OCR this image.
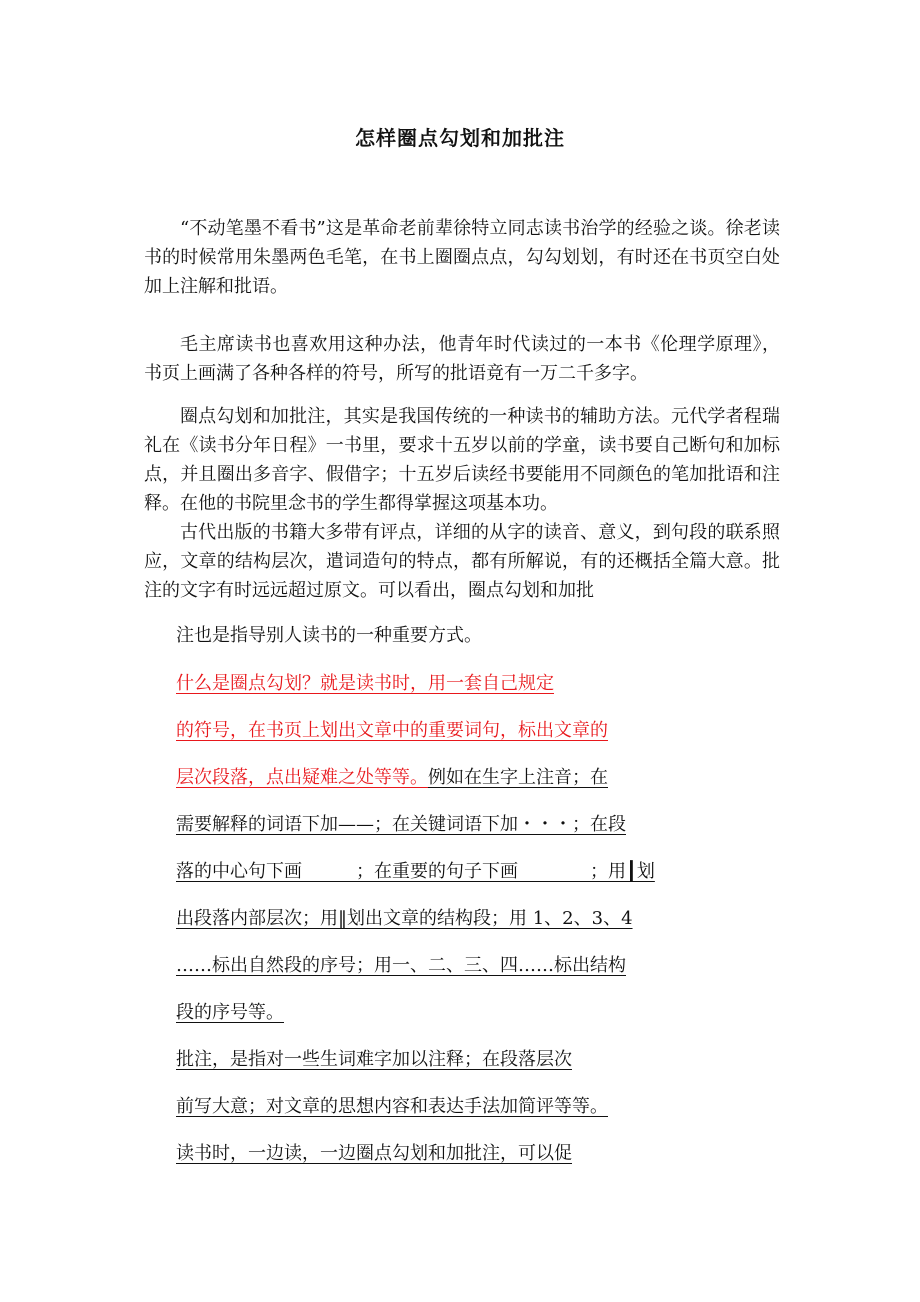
怎样圈点勾划和加批注

“不动笔墨不看书”这是革命老前辈徐特立同志读书治学的经验之谈。徐老读书的时候常用朱墨两色毛笔，在书上圈圈点点，勾勾划划，有时还在书页空白处加上注解和批语。

毛主席读书也喜欢用这种办法，他青年时代读过的一本书《伦理学原理》，书页上画满了各种各样的符号，所写的批语竟有一万二千多字。

圈点勾划和加批注，其实是我国传统的一种读书的辅助方法。元代学者程瑞礼在《读书分年日程》一书里，要求十五岁以前的学童，读书要自己断句和加标点，并且圈出多音字、假借字；十五岁后读经书要能用不同颜色的笔加批语和注释。在他的书院里念书的学生都得掌握这项基本功。

古代出版的书籍大多带有评点，详细的从字的读音、意义，到句段的联系照应，文章的结构层次，遣词造句的特点，都有所解说，有的还概括全篇大意。批注的文字有时远远超过原文。可以看出，圈点勾划和加批

注也是指导别人读书的一种重要方式。
什么是圈点勾划？就是读书时，用一套自己规定
的符号，在书页上划出文章中的重要词句，标出文章的
层次段落，点出疑难之处等等。例如在生字上注音；在
需要解释的词语下加——；在关键词语下加・・・；在段
落的中心句下画　　　；在重要的句子下画　　　　；用┃划
出段落内部层次；用‖划出文章的结构段；用 1、2、3、4
……标出自然段的序号；用一、二、三、四……标出结构
段的序号等。
批注，是指对一些生词难字加以注释；在段落层次
前写大意；对文章的思想内容和表达手法加简评等等。
读书时，一边读，一边圈点勾划和加批注，可以促
